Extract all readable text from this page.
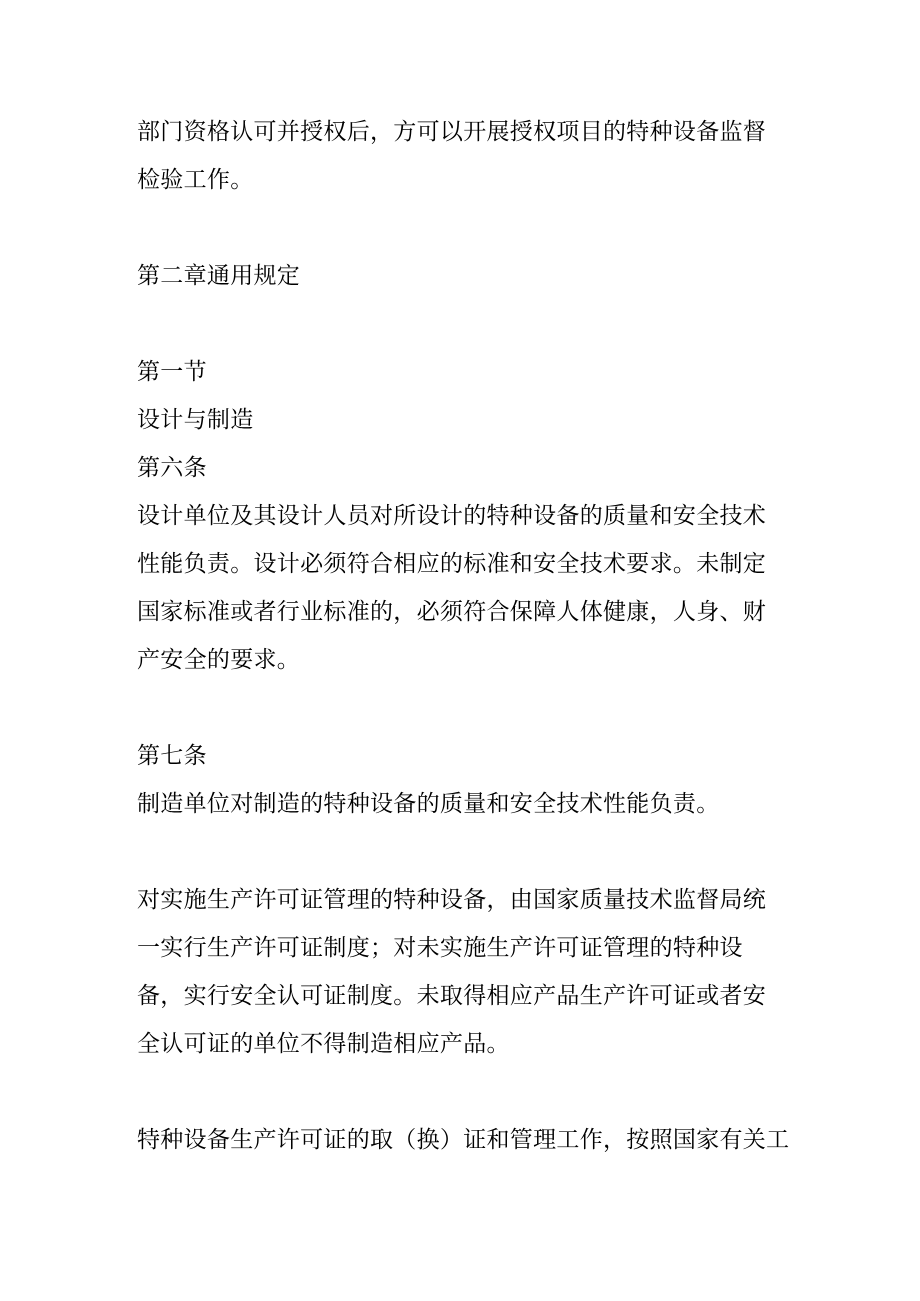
部门资格认可并授权后，方可以开展授权项目的特种设备监督
检验工作。
第二章通用规定
第一节
设计与制造
第六条
设计单位及其设计人员对所设计的特种设备的质量和安全技术
性能负责。设计必须符合相应的标准和安全技术要求。未制定
国家标准或者行业标准的，必须符合保障人体健康，人身、财
产安全的要求。
第七条
制造单位对制造的特种设备的质量和安全技术性能负责。
对实施生产许可证管理的特种设备，由国家质量技术监督局统
一实行生产许可证制度；对未实施生产许可证管理的特种设
备，实行安全认可证制度。未取得相应产品生产许可证或者安
全认可证的单位不得制造相应产品。
特种设备生产许可证的取（换）证和管理工作，按照国家有关工
